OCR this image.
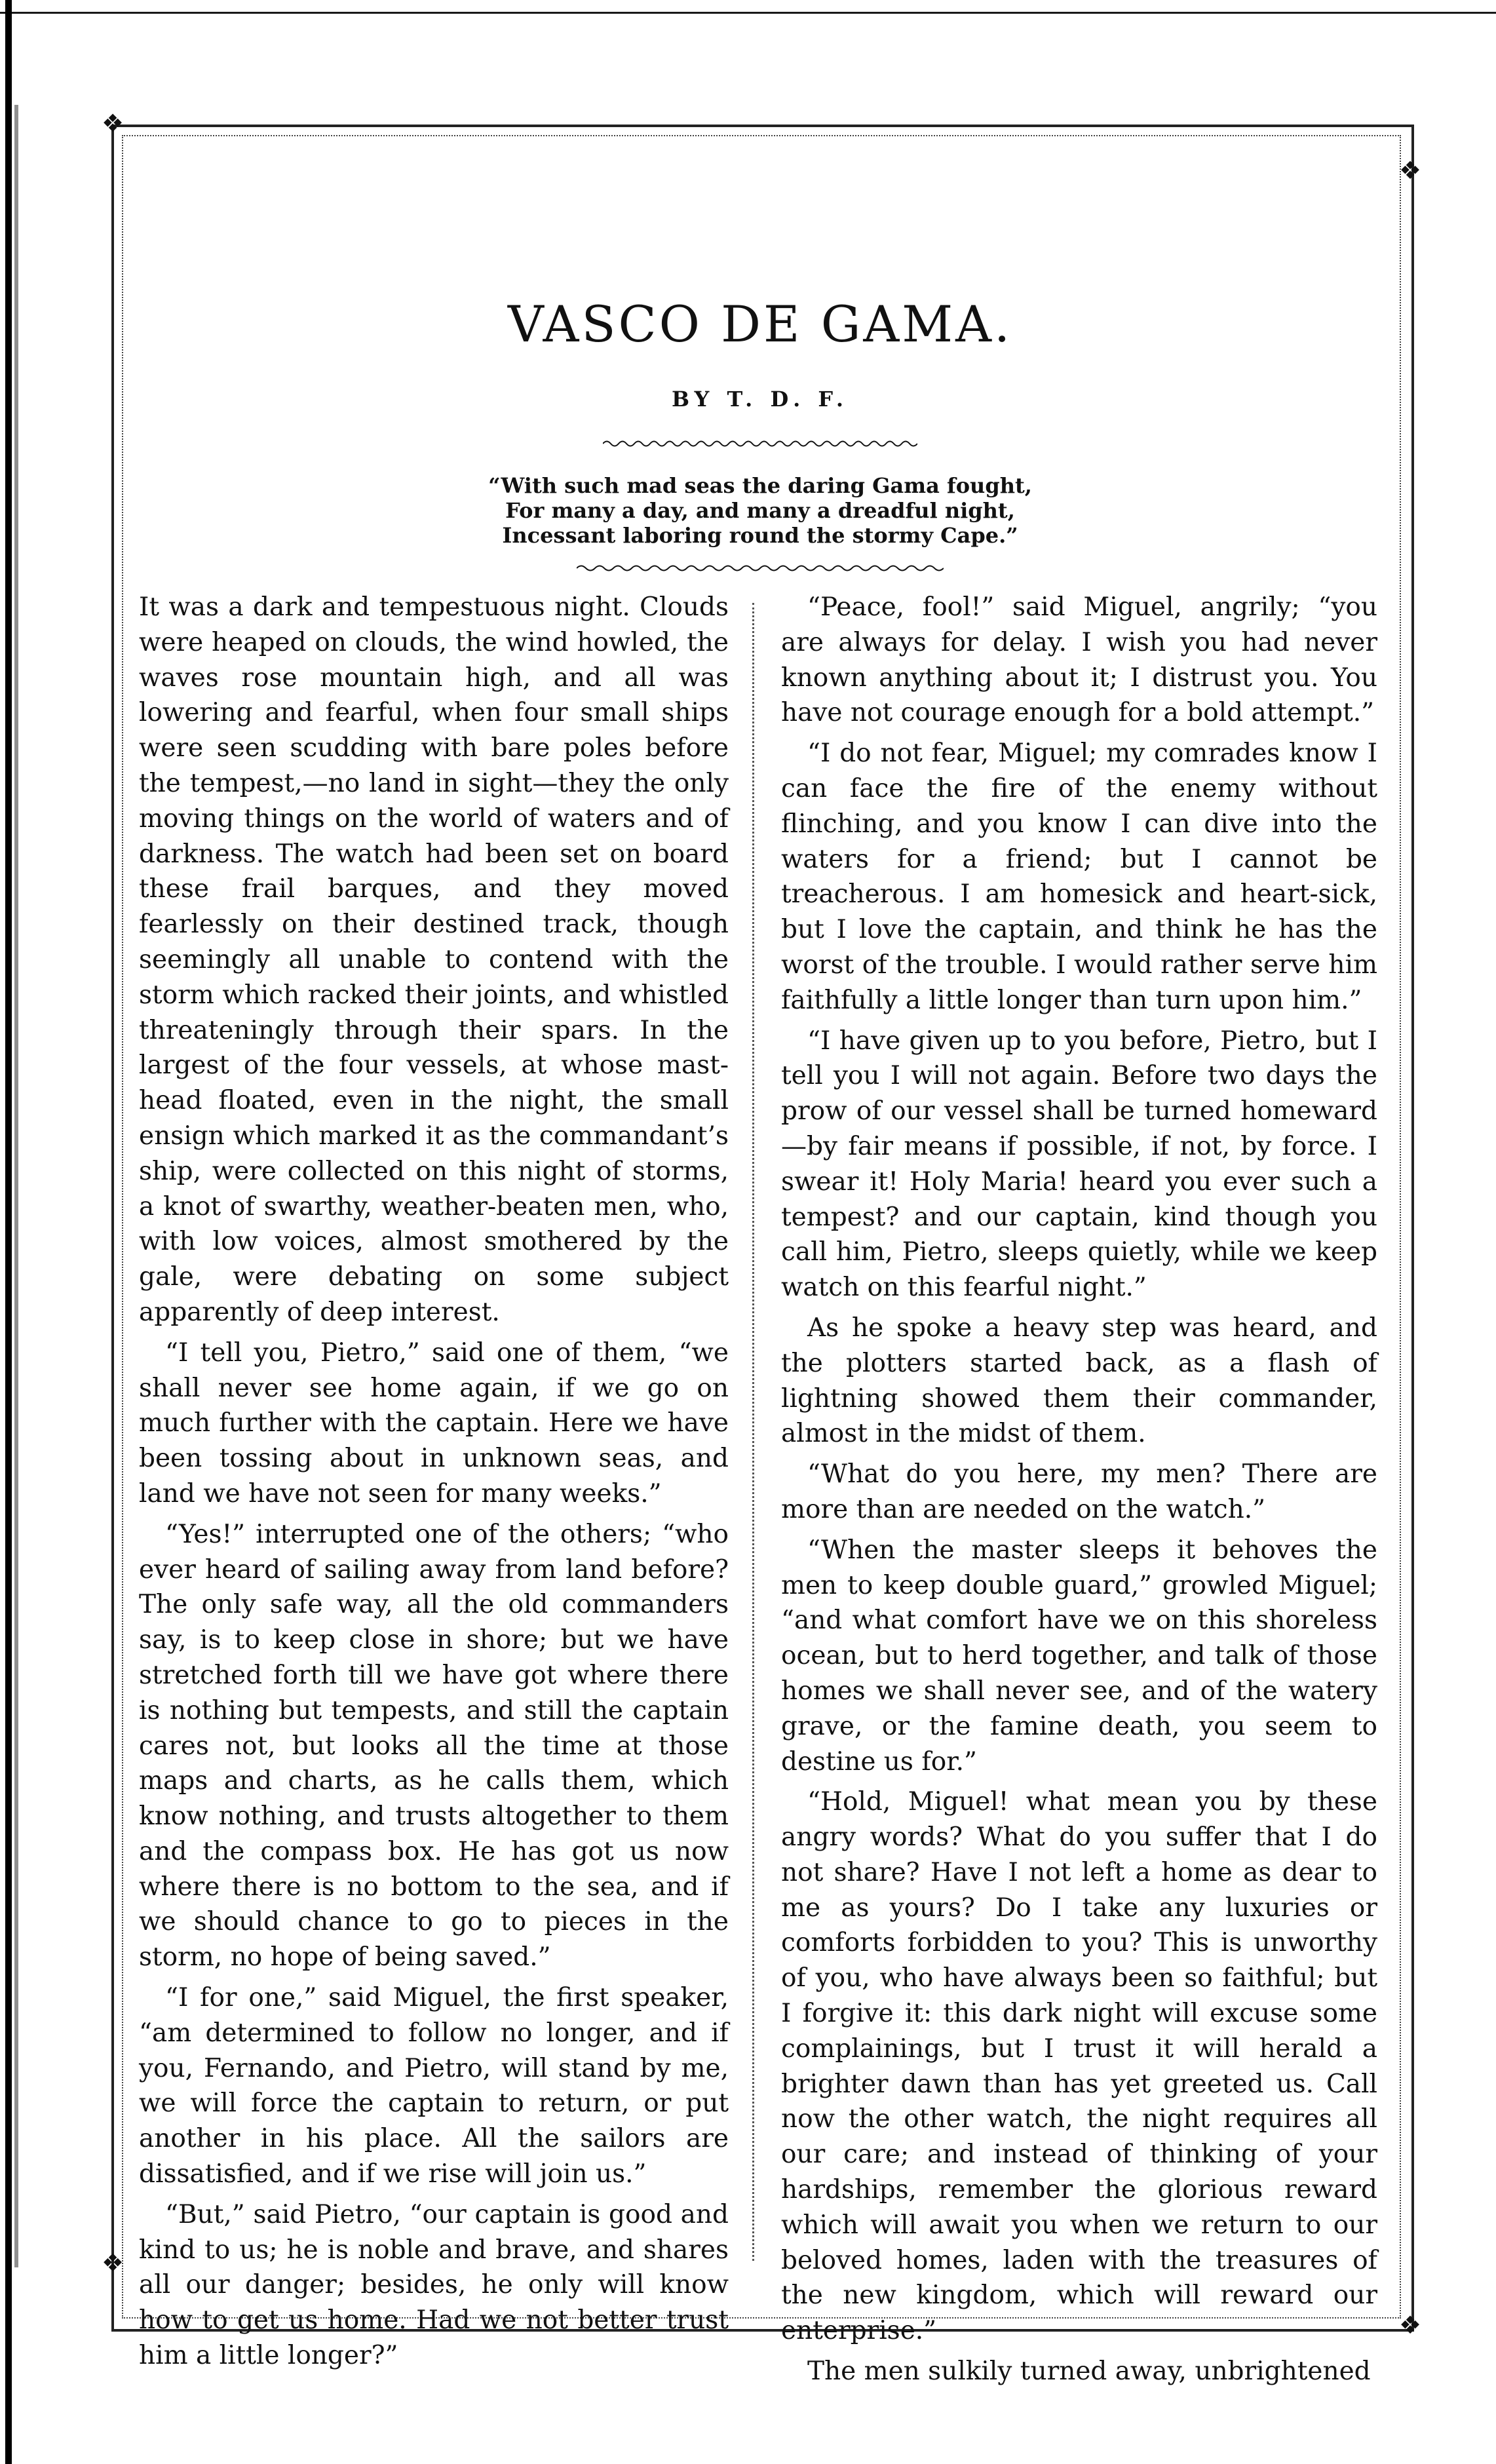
❖
❖
❖
❖
VASCO DE GAMA.
BY T. D. F.
“With such mad seas the daring Gama fought,
For many a day, and many a dreadful night,
Incessant laboring round the stormy Cape.”

It was a dark and tempestuous night. Clouds were heaped on clouds, the wind howled, the waves rose mountain high, and all was lowering and fearful, when four small ships were seen scudding with bare poles before the tempest,—no land in sight—they the only moving things on the world of waters and of darkness. The watch had been set on board these frail barques, and they moved fearlessly on their destined track, though seemingly all unable to contend with the storm which racked their joints, and whistled threateningly through their spars. In the largest of the four vessels, at whose mast-head floated, even in the night, the small ensign which marked it as the commandant’s ship, were collected on this night of storms, a knot of swarthy, weather-beaten men, who, with low voices, almost smothered by the gale, were debating on some subject apparently of deep interest.

“I tell you, Pietro,” said one of them, “we shall never see home again, if we go on much further with the captain. Here we have been tossing about in unknown seas, and land we have not seen for many weeks.”

“Yes!” interrupted one of the others; “who ever heard of sailing away from land before? The only safe way, all the old commanders say, is to keep close in shore; but we have stretched forth till we have got where there is nothing but tempests, and still the captain cares not, but looks all the time at those maps and charts, as he calls them, which know nothing, and trusts altogether to them and the compass box. He has got us now where there is no bottom to the sea, and if we should chance to go to pieces in the storm, no hope of being saved.”

“I for one,” said Miguel, the first speaker, “am determined to follow no longer, and if you, Fernando, and Pietro, will stand by me, we will force the captain to return, or put another in his place. All the sailors are dissatisfied, and if we rise will join us.”

“But,” said Pietro, “our captain is good and kind to us; he is noble and brave, and shares all our danger; besides, he only will know how to get us home. Had we not better trust him a little longer?”

“Peace, fool!” said Miguel, angrily; “you are always for delay. I wish you had never known anything about it; I distrust you. You have not courage enough for a bold attempt.”

“I do not fear, Miguel; my comrades know I can face the fire of the enemy without flinching, and you know I can dive into the waters for a friend; but I cannot be treacherous. I am homesick and heart-sick, but I love the captain, and think he has the worst of the trouble. I would rather serve him faithfully a little longer than turn upon him.”

“I have given up to you before, Pietro, but I tell you I will not again. Before two days the prow of our vessel shall be turned homeward —by fair means if possible, if not, by force. I swear it! Holy Maria! heard you ever such a tempest? and our captain, kind though you call him, Pietro, sleeps quietly, while we keep watch on this fearful night.”

As he spoke a heavy step was heard, and the plotters started back, as a flash of lightning showed them their commander, almost in the midst of them.

“What do you here, my men? There are more than are needed on the watch.”

“When the master sleeps it behoves the men to keep double guard,” growled Miguel; “and what comfort have we on this shoreless ocean, but to herd together, and talk of those homes we shall never see, and of the watery grave, or the famine death, you seem to destine us for.”

“Hold, Miguel! what mean you by these angry words? What do you suffer that I do not share? Have I not left a home as dear to me as yours? Do I take any luxuries or comforts forbidden to you? This is unworthy of you, who have always been so faithful; but I forgive it: this dark night will excuse some complainings, but I trust it will herald a brighter dawn than has yet greeted us. Call now the other watch, the night requires all our care; and instead of thinking of your hardships, remember the glorious reward which will await you when we return to our beloved homes, laden with the treasures of the new kingdom, which will reward our enterprise.”

The men sulkily turned away, unbrightened
